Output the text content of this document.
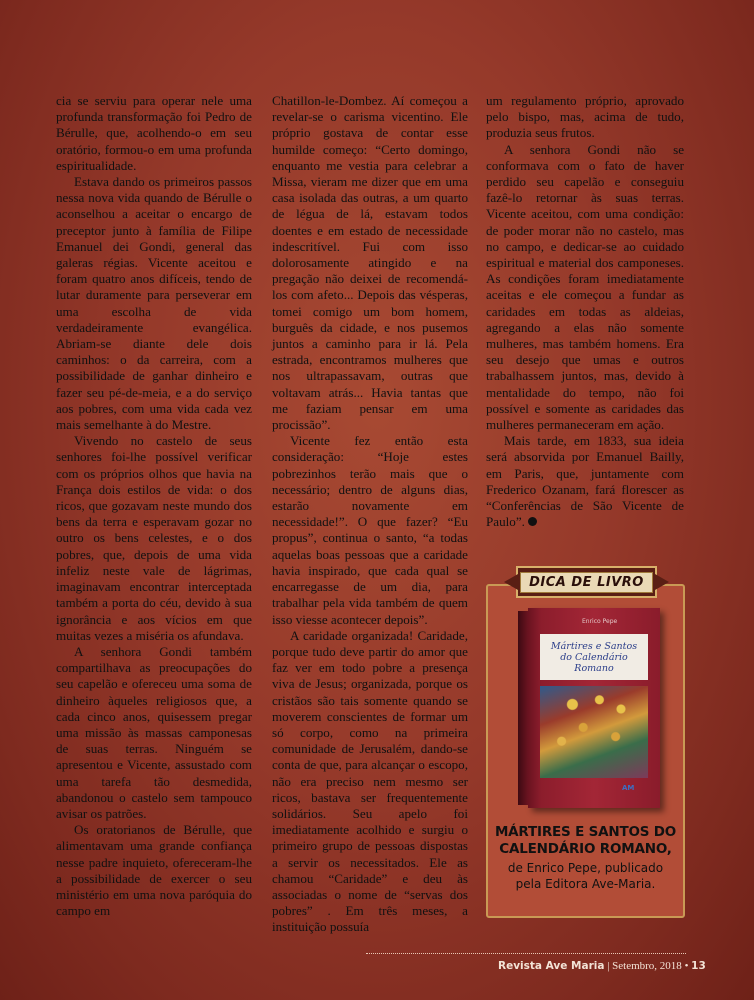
cia se serviu para operar nele uma profunda transformação foi Pedro de Bérulle, que, acolhendo-o em seu oratório, formou-o em uma profunda espiritualidade.

Estava dando os primeiros passos nessa nova vida quando de Bérulle o aconselhou a aceitar o encargo de preceptor junto à família de Filipe Emanuel dei Gondi, general das galeras régias. Vicente aceitou e foram quatro anos difíceis, tendo de lutar duramente para perseverar em uma escolha de vida verdadeiramente evangélica. Abriam-se diante dele dois caminhos: o da carreira, com a possibilidade de ganhar dinheiro e fazer seu pé-de-meia, e a do serviço aos pobres, com uma vida cada vez mais semelhante à do Mestre.

Vivendo no castelo de seus senhores foi-lhe possível verificar com os próprios olhos que havia na França dois estilos de vida: o dos ricos, que gozavam neste mundo dos bens da terra e esperavam gozar no outro os bens celestes, e o dos pobres, que, depois de uma vida infeliz neste vale de lágrimas, imaginavam encontrar interceptada também a porta do céu, devido à sua ignorância e aos vícios em que muitas vezes a miséria os afundava.

A senhora Gondi também compartilhava as preocupações do seu capelão e ofereceu uma soma de dinheiro àqueles religiosos que, a cada cinco anos, quisessem pregar uma missão às massas camponesas de suas terras. Ninguém se apresentou e Vicente, assustado com uma tarefa tão desmedida, abandonou o castelo sem tampouco avisar os patrões.

Os oratorianos de Bérulle, que alimentavam uma grande confiança nesse padre inquieto, ofereceram-lhe a possibilidade de exercer o seu ministério em uma nova paróquia do campo em

Chatillon-le-Dombez. Aí começou a revelar-se o carisma vicentino. Ele próprio gostava de contar esse humilde começo: “Certo domingo, enquanto me vestia para celebrar a Missa, vieram me dizer que em uma casa isolada das outras, a um quarto de légua de lá, estavam todos doentes e em estado de necessidade indescritível. Fui com isso dolorosamente atingido e na pregação não deixei de recomendá-los com afeto... Depois das vésperas, tomei comigo um bom homem, burguês da cidade, e nos pusemos juntos a caminho para ir lá. Pela estrada, encontramos mulheres que nos ultrapassavam, outras que voltavam atrás... Havia tantas que me faziam pensar em uma procissão”.

Vicente fez então esta consideração: “Hoje estes pobrezinhos terão mais que o necessário; dentro de alguns dias, estarão novamente em necessidade!”. O que fazer? “Eu propus”, continua o santo, “a todas aquelas boas pessoas que a caridade havia inspirado, que cada qual se encarregasse de um dia, para trabalhar pela vida também de quem isso viesse acontecer depois”.

A caridade organizada! Caridade, porque tudo deve partir do amor que faz ver em todo pobre a presença viva de Jesus; organizada, porque os cristãos são tais somente quando se moverem conscientes de formar um só corpo, como na primeira comunidade de Jerusalém, dando-se conta de que, para alcançar o escopo, não era preciso nem mesmo ser ricos, bastava ser frequentemente solidários. Seu apelo foi imediatamente acolhido e surgiu o primeiro grupo de pessoas dispostas a servir os necessitados. Ele as chamou “Caridade” e deu às associadas o nome de “servas dos pobres” . Em três meses, a instituição possuía

um regulamento próprio, aprovado pelo bispo, mas, acima de tudo, produzia seus frutos.

A senhora Gondi não se conformava com o fato de haver perdido seu capelão e conseguiu fazê-lo retornar às suas terras. Vicente aceitou, com uma condição: de poder morar não no castelo, mas no campo, e dedicar-se ao cuidado espiritual e material dos camponeses. As condições foram imediatamente aceitas e ele começou a fundar as caridades em todas as aldeias, agregando a elas não somente mulheres, mas também homens. Era seu desejo que umas e outros trabalhassem juntos, mas, devido à mentalidade do tempo, não foi possível e somente as caridades das mulheres permaneceram em ação.

Mais tarde, em 1833, sua ideia será absorvida por Emanuel Bailly, em Paris, que, juntamente com Frederico Ozanam, fará florescer as “Conferências de São Vicente de Paulo”.

DICA DE LIVRO
Enrico Pepe
Mártires e Santos
do Calendário
Romano
AM
MÁRTIRES E SANTOS DO
CALENDÁRIO ROMANO,
de Enrico Pepe, publicado
pela Editora Ave-Maria.
Revista Ave Maria | Setembro, 2018 • 13
